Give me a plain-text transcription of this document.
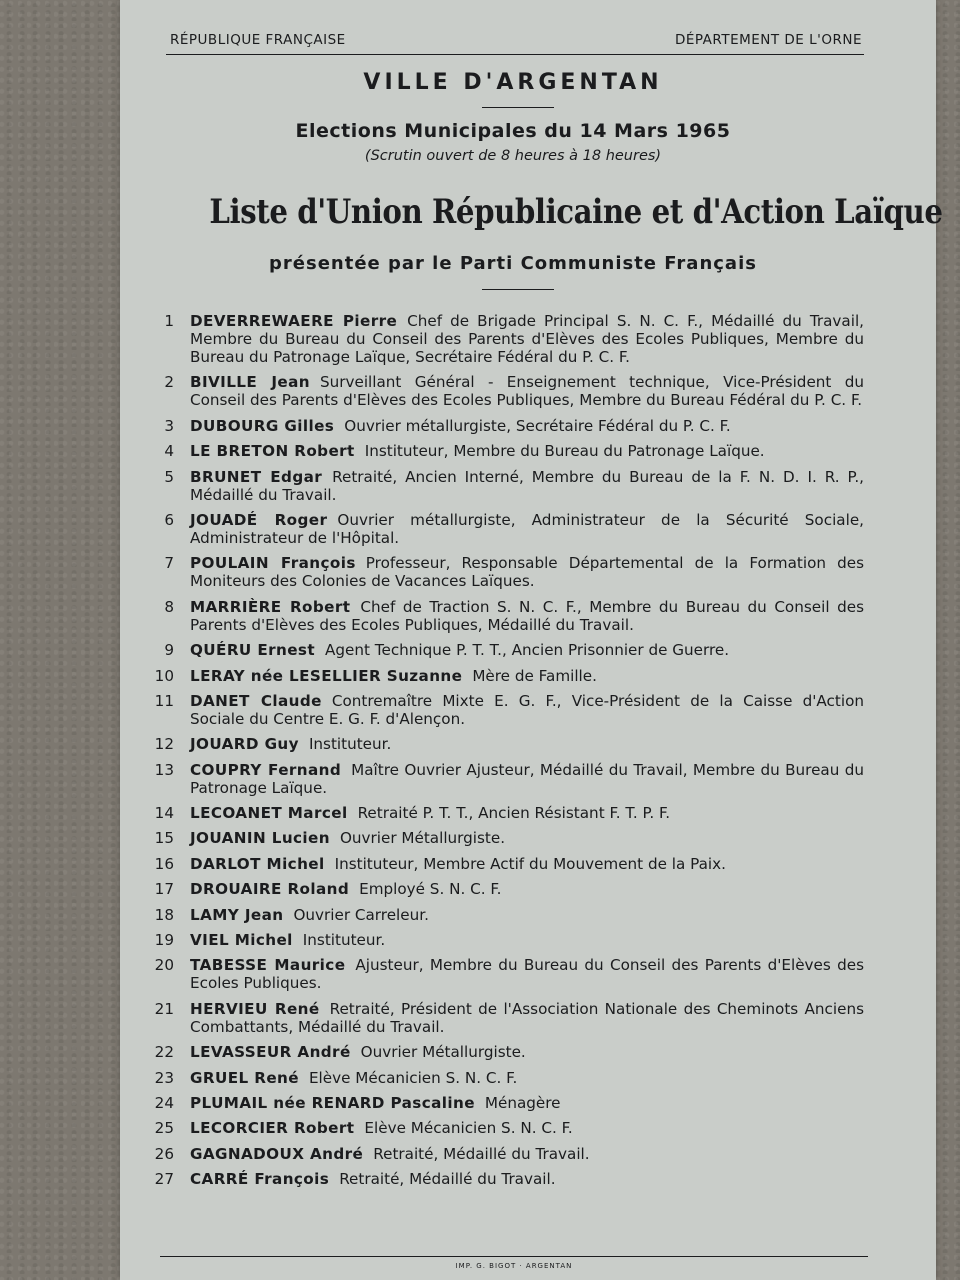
RÉPUBLIQUE FRANÇAISE	DÉPARTEMENT DE L'ORNE
VILLE D'ARGENTAN
Elections Municipales du 14 Mars 1965
(Scrutin ouvert de 8 heures à 18 heures)
Liste d'Union Républicaine et d'Action Laïque
présentée par le Parti Communiste Français
1	DEVERREWAERE Pierre Chef de Brigade Principal S. N. C. F., Médaillé du Travail, Membre du Bureau du Conseil des Parents d'Elèves des Ecoles Publiques, Membre du Bureau du Patronage Laïque, Secrétaire Fédéral du P. C. F.
2	BIVILLE Jean Surveillant Général - Enseignement technique, Vice-Président du Conseil des Parents d'Elèves des Ecoles Publiques, Membre du Bureau Fédéral du P. C. F.
3	DUBOURG Gilles Ouvrier métallurgiste, Secrétaire Fédéral du P. C. F.
4	LE BRETON Robert Instituteur, Membre du Bureau du Patronage Laïque.
5	BRUNET Edgar Retraité, Ancien Interné, Membre du Bureau de la F. N. D. I. R. P., Médaillé du Travail.
6	JOUADÉ Roger Ouvrier métallurgiste, Administrateur de la Sécurité Sociale, Administrateur de l'Hôpital.
7	POULAIN François Professeur, Responsable Départemental de la Formation des Moniteurs des Colonies de Vacances Laïques.
8	MARRIÈRE Robert Chef de Traction S. N. C. F., Membre du Bureau du Conseil des Parents d'Elèves des Ecoles Publiques, Médaillé du Travail.
9	QUÉRU Ernest Agent Technique P. T. T., Ancien Prisonnier de Guerre.
10	LERAY née LESELLIER Suzanne Mère de Famille.
11	DANET Claude Contremaître Mixte E. G. F., Vice-Président de la Caisse d'Action Sociale du Centre E. G. F. d'Alençon.
12	JOUARD Guy Instituteur.
13	COUPRY Fernand Maître Ouvrier Ajusteur, Médaillé du Travail, Membre du Bureau du Patronage Laïque.
14	LECOANET Marcel Retraité P. T. T., Ancien Résistant F. T. P. F.
15	JOUANIN Lucien Ouvrier Métallurgiste.
16	DARLOT Michel Instituteur, Membre Actif du Mouvement de la Paix.
17	DROUAIRE Roland Employé S. N. C. F.
18	LAMY Jean Ouvrier Carreleur.
19	VIEL Michel Instituteur.
20	TABESSE Maurice Ajusteur, Membre du Bureau du Conseil des Parents d'Elèves des Ecoles Publiques.
21	HERVIEU René Retraité, Président de l'Association Nationale des Cheminots Anciens Combattants, Médaillé du Travail.
22	LEVASSEUR André Ouvrier Métallurgiste.
23	GRUEL René Elève Mécanicien S. N. C. F.
24	PLUMAIL née RENARD Pascaline Ménagère
25	LECORCIER Robert Elève Mécanicien S. N. C. F.
26	GAGNADOUX André Retraité, Médaillé du Travail.
27	CARRÉ François Retraité, Médaillé du Travail.
IMP. G. BIGOT · ARGENTAN
